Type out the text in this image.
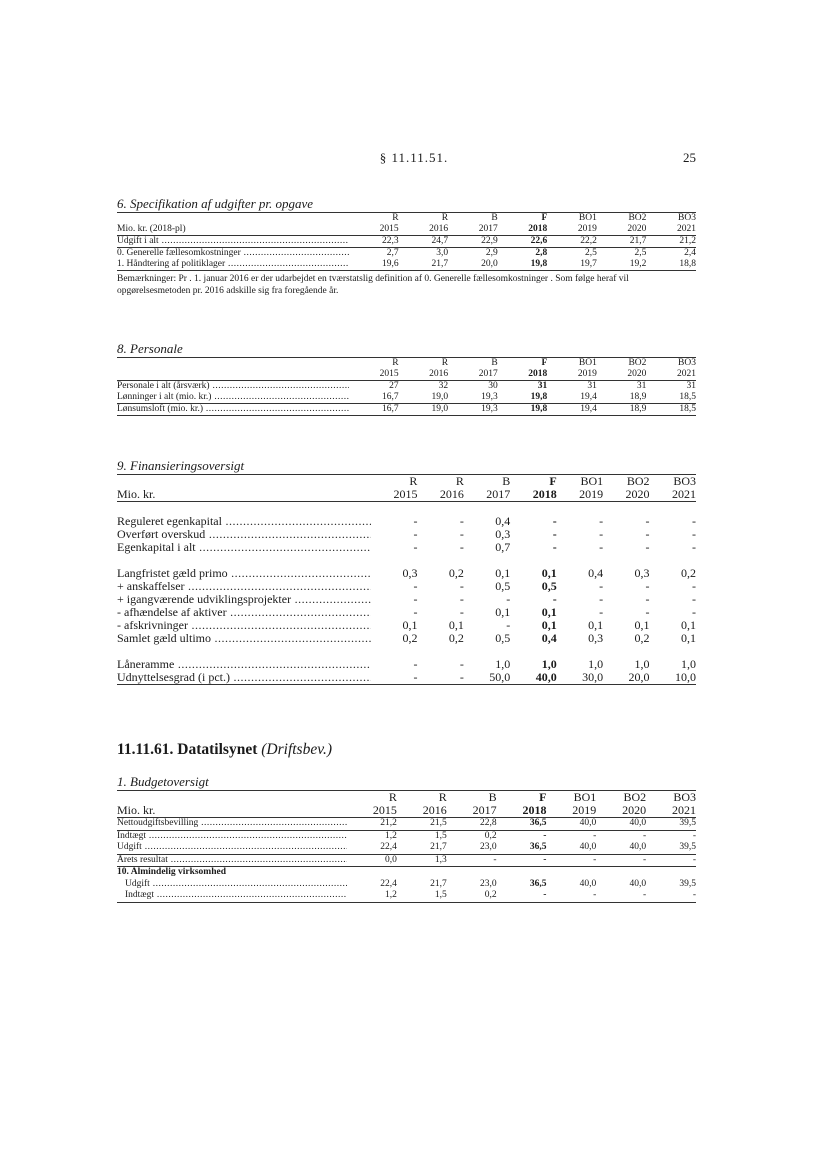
§ 11.11.51.	25
6. Specifikation af udgifter pr. opgave
	R	R	B	F	BO1	BO2	BO3
Mio. kr. (2018-pl)	2015	2016	2017	2018	2019	2020	2021
Udgift i alt .....	22,3	24,7	22,9	22,6	22,2	21,7	21,2
0. Generelle fællesomkostninger .....	2,7	3,0	2,9	2,8	2,5	2,5	2,4
1. Håndtering af politiklager .....	19,6	21,7	20,0	19,8	19,7	19,2	18,8
Bemærkninger: Pr . 1. januar 2016 er der udarbejdet en tværstatslig definition af 0. Generelle fællesomkostninger . Som følge heraf vil opgørelsesmetoden pr. 2016 adskille sig fra foregående år.
8. Personale
	R	R	B	F	BO1	BO2	BO3
	2015	2016	2017	2018	2019	2020	2021
Personale i alt (årsværk) .....	27	32	30	31	31	31	31
Lønninger i alt (mio. kr.) .....	16,7	19,0	19,3	19,8	19,4	18,9	18,5
Lønsumsloft (mio. kr.) .....	16,7	19,0	19,3	19,8	19,4	18,9	18,5
9. Finansieringsoversigt
	R	R	B	F	BO1	BO2	BO3
Mio. kr.	2015	2016	2017	2018	2019	2020	2021

Reguleret egenkapital .....	-	-	0,4	-	-	-	-
Overført overskud .....	-	-	0,3	-	-	-	-
Egenkapital i alt .....	-	-	0,7	-	-	-	-

Langfristet gæld primo .....	0,3	0,2	0,1	0,1	0,4	0,3	0,2
+ anskaffelser .....	-	-	0,5	0,5	-	-	-
+ igangværende udviklingsprojekter .....	-	-	-	-	-	-	-
- afhændelse af aktiver .....	-	-	0,1	0,1	-	-	-
- afskrivninger .....	0,1	0,1	-	0,1	0,1	0,1	0,1
Samlet gæld ultimo .....	0,2	0,2	0,5	0,4	0,3	0,2	0,1

Låneramme .....	-	-	1,0	1,0	1,0	1,0	1,0
Udnyttelsesgrad (i pct.) .....	-	-	50,0	40,0	30,0	20,0	10,0
11.11.61. Datatilsynet (Driftsbev.)
1. Budgetoversigt
	R	R	B	F	BO1	BO2	BO3
Mio. kr.	2015	2016	2017	2018	2019	2020	2021
Nettoudgiftsbevilling .....	21,2	21,5	22,8	36,5	40,0	40,0	39,5
Indtægt .....	1,2	1,5	0,2	-	-	-	-
Udgift .....	22,4	21,7	23,0	36,5	40,0	40,0	39,5
Årets resultat .....	0,0	1,3	-	-	-	-	-
10. Almindelig virksomhed							
Udgift .....	22,4	21,7	23,0	36,5	40,0	40,0	39,5
Indtægt .....	1,2	1,5	0,2	-	-	-	-
